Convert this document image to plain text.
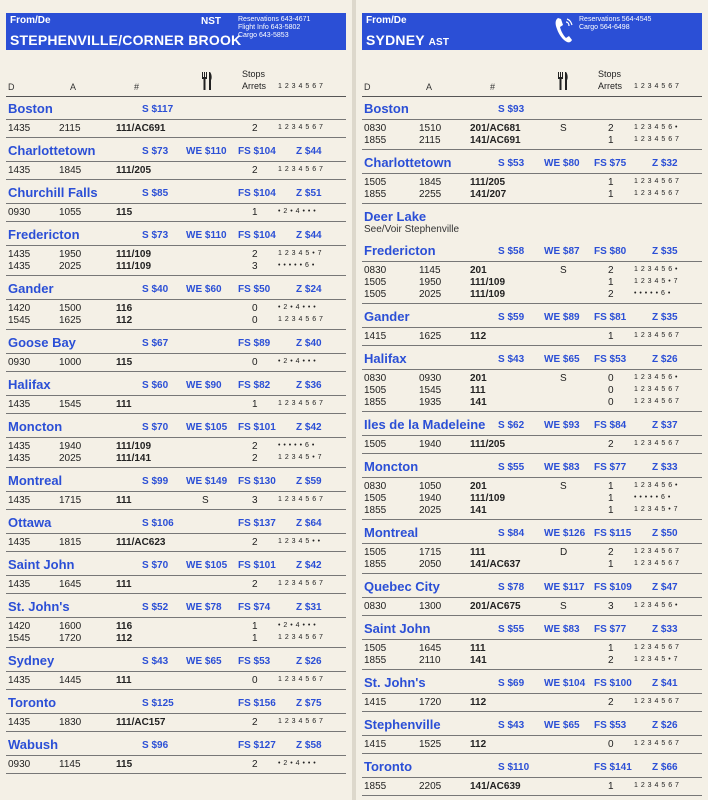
From/De
STEPHENVILLE/CORNER BROOK
NST Reservations 643-4671
Flight Info 643-5802
Cargo 643-5853
D	A	#
Stops
Arrets 1 2 3 4 5 6 7
Boston	S $117
1435	2115	111/AC691	2	1 2 3 4 5 6 7
Charlottetown	S $73 WE $110 FS $104 Z $44
1435	1845	111/205	2	1 2 3 4 5 6 7
Churchill Falls	S $85	FS $104 Z $51
0930	1055	115	1	• 2 • 4 • • •
Fredericton	S $73 WE $110 FS $104 Z $44
1435	1950	111/109	2	1 2 3 4 5 • 7
1435	2025	111/109	3	• • • • • 6 •
Gander	S $40 WE $60 FS $50	Z $24
1420	1500	116	0	• 2 • 4 • • •
1545	1625	112	0	1 2 3 4 5 6 7
Goose Bay	S $67	FS $89	Z $40
0930	1000	115	0	• 2 • 4 • • •
Halifax	S $60 WE $90 FS $82	Z $36
1435	1545	111	1	1 2 3 4 5 6 7
Moncton	S $70 WE $105 FS $101 Z $42
1435	1940	111/109	2	• • • • • 6 •
1435	2025	111/141	2	1 2 3 4 5 • 7
Montreal	S $99 WE $149 FS $130 Z $59
1435	1715	111	S	3	1 2 3 4 5 6 7
Ottawa	S $106	FS $137 Z $64
1435	1815	111/AC623	2	1 2 3 4 5 • •
Saint John	S $70 WE $105 FS $101 Z $42
1435	1645	111	2	1 2 3 4 5 6 7
St. John's	S $52 WE $78 FS $74	Z $31
1420	1600	116	1	• 2 • 4 • • •
1545	1720	112	1	1 2 3 4 5 6 7
Sydney	S $43 WE $65 FS $53	Z $26
1435	1445	111	0	1 2 3 4 5 6 7
Toronto	S $125	FS $156 Z $75
1435	1830	111/AC157	2	1 2 3 4 5 6 7
Wabush	S $96	FS $127 Z $58
0930	1145	115	2	• 2 • 4 • • •
From/De
SYDNEY AST
Reservations 564-4545
Cargo 564-6498
D	A	#
Stops
Arrets 1 2 3 4 5 6 7
Boston	S $93
0830	1510	201/AC681	S	2	1 2 3 4 5 6 •
1855	2115	141/AC691	1	1 2 3 4 5 6 7
Charlottetown	S $53 WE $80 FS $75	Z $32
1505	1845	111/205	1	1 2 3 4 5 6 7
1855	2255	141/207	1	1 2 3 4 5 6 7
Deer Lake
See/Voir Stephenville
Fredericton	S $58 WE $87 FS $80	Z $35
0830	1145	201	S	2	1 2 3 4 5 6 •
1505	1950	111/109	1	1 2 3 4 5 • 7
1505	2025	111/109	2	• • • • • 6 •
Gander	S $59 WE $89 FS $81	Z $35
1415	1625	112	1	1 2 3 4 5 6 7
Halifax	S $43 WE $65 FS $53	Z $26
0830	0930	201	S	0	1 2 3 4 5 6 •
1505	1545	111	0	1 2 3 4 5 6 7
1855	1935	141	0	1 2 3 4 5 6 7
Iles de la Madeleine S $62 WE $93 FS $84	Z $37
1505	1940	111/205	2	1 2 3 4 5 6 7
Moncton	S $55 WE $83 FS $77	Z $33
0830	1050	201	S	1	1 2 3 4 5 6 •
1505	1940	111/109	1	• • • • • 6 •
1855	2025	141	1	1 2 3 4 5 • 7
Montreal	S $84 WE $126 FS $115 Z $50
1505	1715	111	D	2	1 2 3 4 5 6 7
1855	2050	141/AC637	1	1 2 3 4 5 6 7
Quebec City	S $78 WE $117 FS $109 Z $47
0830	1300	201/AC675	S	3	1 2 3 4 5 6 •
Saint John	S $55 WE $83 FS $77	Z $33
1505	1645	111	1	1 2 3 4 5 6 7
1855	2110	141	2	1 2 3 4 5 • 7
St. John's	S $69 WE $104 FS $100 Z $41
1415	1720	112	2	1 2 3 4 5 6 7
Stephenville	S $43 WE $65 FS $53	Z $26
1415	1525	112	0	1 2 3 4 5 6 7
Toronto	S $110	FS $141 Z $66
1855	2205	141/AC639	1	1 2 3 4 5 6 7
